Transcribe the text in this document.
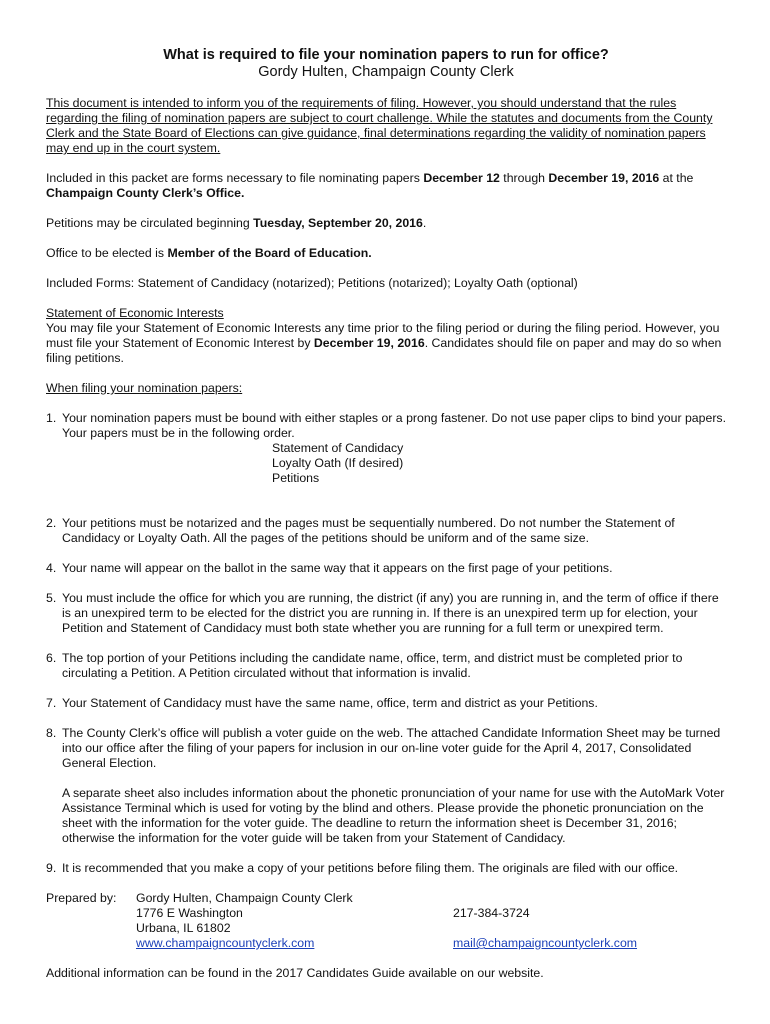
What is required to file your nomination papers to run for office?
Gordy Hulten, Champaign County Clerk

This document is intended to inform you of the requirements of filing. However, you should understand that the rules regarding the filing of nomination papers are subject to court challenge. While the statutes and documents from the County Clerk and the State Board of Elections can give guidance, final determinations regarding the validity of nomination papers may end up in the court system.

Included in this packet are forms necessary to file nominating papers December 12 through December 19, 2016 at the Champaign County Clerk’s Office.

Petitions may be circulated beginning Tuesday, September 20, 2016.

Office to be elected is Member of the Board of Education.

Included Forms: Statement of Candidacy (notarized); Petitions (notarized); Loyalty Oath (optional)

Statement of Economic Interests

You may file your Statement of Economic Interests any time prior to the filing period or during the filing period. However, you must file your Statement of Economic Interest by December 19, 2016. Candidates should file on paper and may do so when filing petitions.

When filing your nomination papers:

1. Your nomination papers must be bound with either staples or a prong fastener. Do not use paper clips to bind your papers. Your papers must be in the following order.
Statement of Candidacy
Loyalty Oath (If desired)
Petitions
2. Your petitions must be notarized and the pages must be sequentially numbered. Do not number the Statement of Candidacy or Loyalty Oath. All the pages of the petitions should be uniform and of the same size.
4. Your name will appear on the ballot in the same way that it appears on the first page of your petitions.
5. You must include the office for which you are running, the district (if any) you are running in, and the term of office if there is an unexpired term to be elected for the district you are running in. If there is an unexpired term up for election, your Petition and Statement of Candidacy must both state whether you are running for a full term or unexpired term.
6. The top portion of your Petitions including the candidate name, office, term, and district must be completed prior to circulating a Petition. A Petition circulated without that information is invalid.
7. Your Statement of Candidacy must have the same name, office, term and district as your Petitions.
8. The County Clerk’s office will publish a voter guide on the web. The attached Candidate Information Sheet may be turned into our office after the filing of your papers for inclusion in our on-line voter guide for the April 4, 2017, Consolidated General Election.
A separate sheet also includes information about the phonetic pronunciation of your name for use with the AutoMark Voter Assistance Terminal which is used for voting by the blind and others. Please provide the phonetic pronunciation on the sheet with the information for the voter guide. The deadline to return the information sheet is December 31, 2016; otherwise the information for the voter guide will be taken from your Statement of Candidacy.
9. It is recommended that you make a copy of your petitions before filing them. The originals are filed with our office.
Prepared by:	Gordy Hulten, Champaign County Clerk
1776 E Washington	217-384-3724
Urbana, IL 61802
www.champaigncountyclerk.com	mail@champaigncountyclerk.com

Additional information can be found in the 2017 Candidates Guide available on our website.
